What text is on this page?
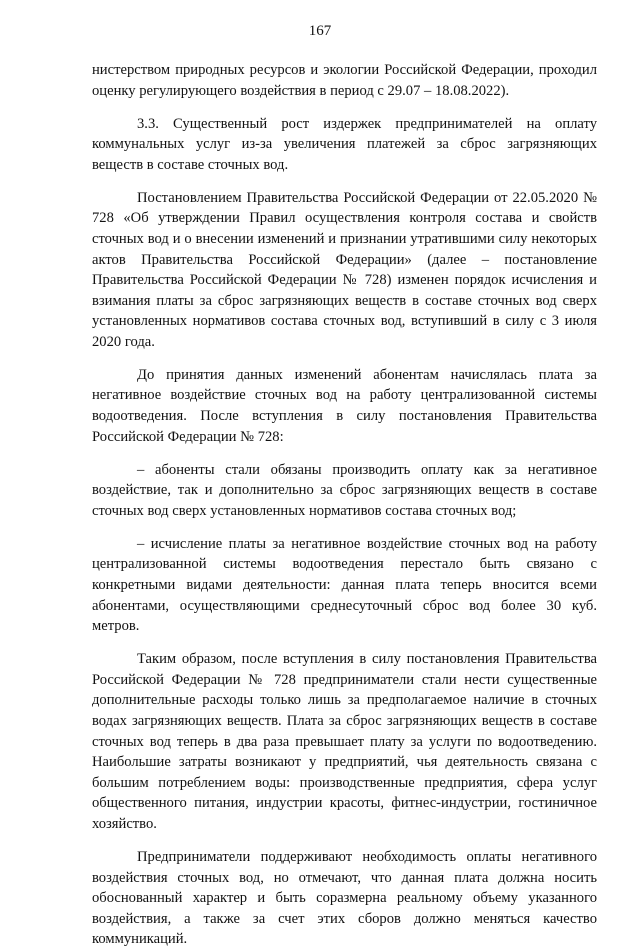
167

нистерством природных ресурсов и экологии Российской Федерации, проходил оценку регулирующего воздействия в период с 29.07 – 18.08.2022).

3.3. Существенный рост издержек предпринимателей на оплату коммунальных услуг из-за увеличения платежей за сброс загрязняющих веществ в составе сточных вод.

Постановлением Правительства Российской Федерации от 22.05.2020 № 728 «Об утверждении Правил осуществления контроля состава и свойств сточных вод и о внесении изменений и признании утратившими силу некоторых актов Правительства Российской Федерации» (далее – постановление Правительства Российской Федерации № 728) изменен порядок исчисления и взимания платы за сброс загрязняющих веществ в составе сточных вод сверх установленных нормативов состава сточных вод, вступивший в силу с 3 июля 2020 года.

До принятия данных изменений абонентам начислялась плата за негативное воздействие сточных вод на работу централизованной системы водоотведения. После вступления в силу постановления Правительства Российской Федерации № 728:

– абоненты стали обязаны производить оплату как за негативное воздействие, так и дополнительно за сброс загрязняющих веществ в составе сточных вод сверх установленных нормативов состава сточных вод;

– исчисление платы за негативное воздействие сточных вод на работу централизованной системы водоотведения перестало быть связано с конкретными видами деятельности: данная плата теперь вносится всеми абонентами, осуществляющими среднесуточный сброс вод более 30 куб. метров.

Таким образом, после вступления в силу постановления Правительства Российской Федерации № 728 предприниматели стали нести существенные дополнительные расходы только лишь за предполагаемое наличие в сточных водах загрязняющих веществ. Плата за сброс загрязняющих веществ в составе сточных вод теперь в два раза превышает плату за услуги по водоотведению. Наибольшие затраты возникают у предприятий, чья деятельность связана с большим потреблением воды: производственные предприятия, сфера услуг общественного питания, индустрии красоты, фитнес-индустрии, гостиничное хозяйство.

Предприниматели поддерживают необходимость оплаты негативного воздействия сточных вод, но отмечают, что данная плата должна носить обоснованный характер и быть соразмерна реальному объему указанного воздействия, а также за счет этих сборов должно меняться качество коммуникаций.
